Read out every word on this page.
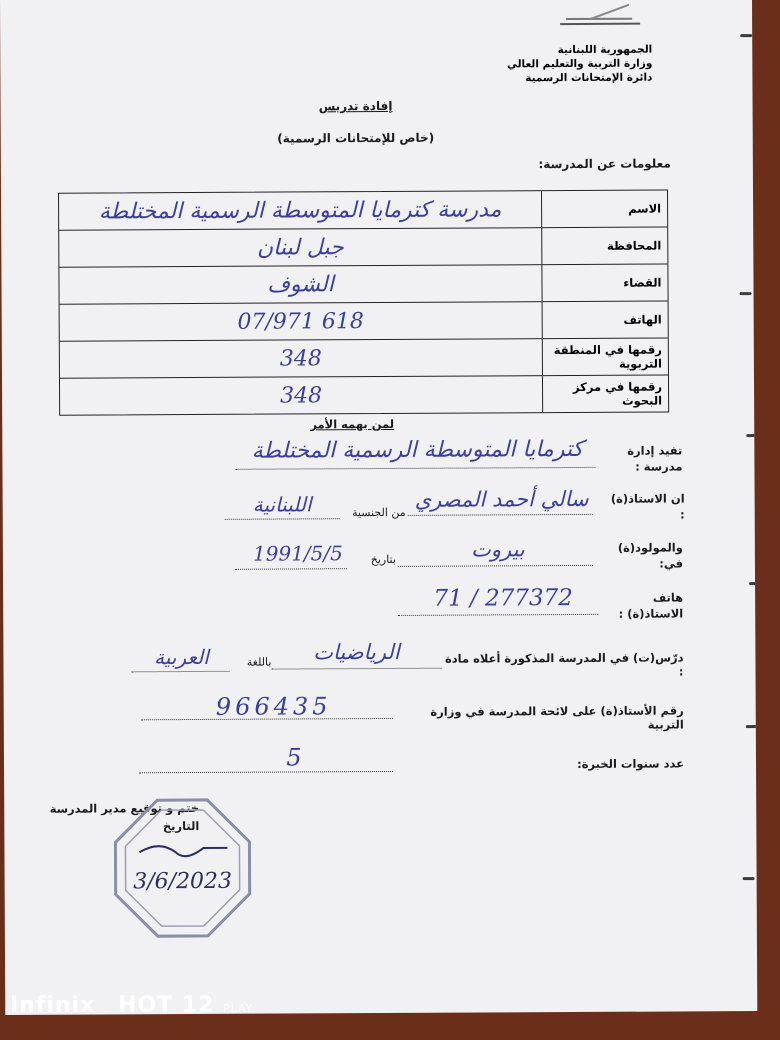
الجمهورية اللبنانية
وزارة التربية والتعليم العالي
دائرة الإمتحانات الرسمية
إفادة تدريس
(خاص للإمتحانات الرسمية)
معلومات عن المدرسة:
الاسم
مدرسة كترمايا المتوسطة الرسمية المختلطة
المحافظة
جبل لبنان
القضاء
الشوف
الهاتف
07/971 618
رقمها في المنطقة التربوية
348
رقمها في مركز البحوث
348
لمن يهمه الأمر
تفيد إدارة مدرسة :
كترمايا المتوسطة الرسمية المختلطة
ان الاستاذ(ة) :
سالي أحمد المصري
من الجنسية
اللبنانية
والمولود(ة) في:
بيروت
بتاريخ
1991/5/5
هاتف الاستاذ(ة) :
71 / 277372
درّس(ت) في المدرسة المذكورة أعلاه مادة :
الرياضيات
باللغة
العربية
رقم الأستاذ(ة) على لائحة المدرسة في وزارة التربية
966435
عدد سنوات الخبرة:
5
ختم و توقيع مدير المدرسة
التاريخ
3/6/2023
Infinix HOT 12 PLAY
